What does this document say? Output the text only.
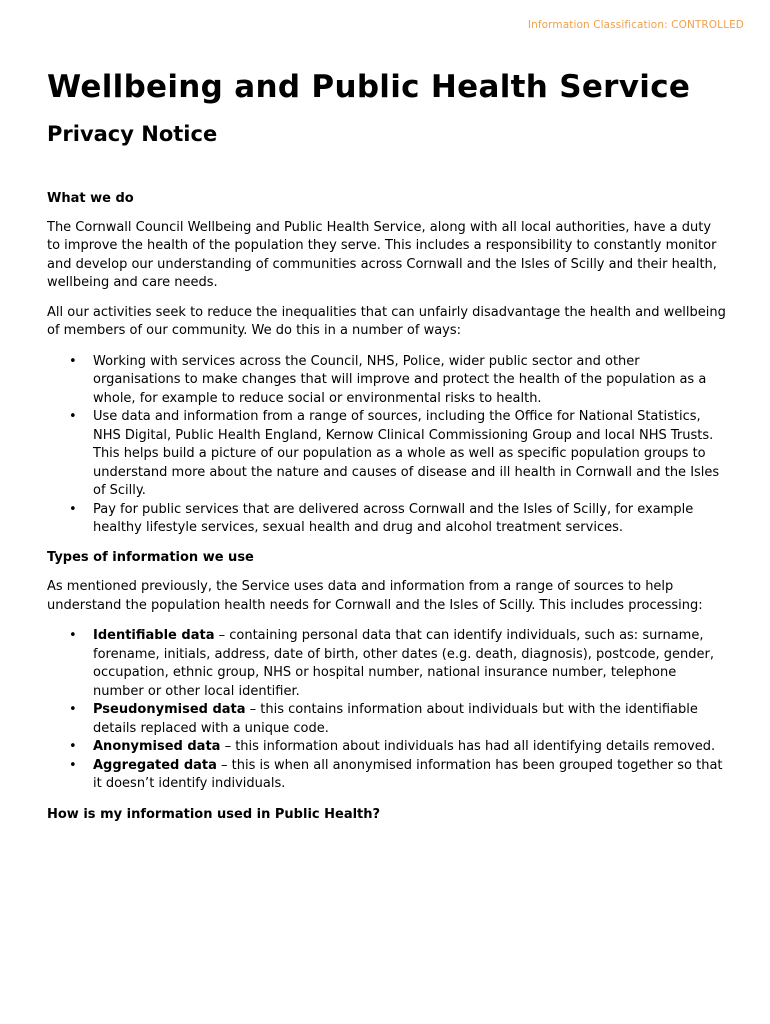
Information Classification: CONTROLLED
Wellbeing and Public Health Service
Privacy Notice
What we do

The Cornwall Council Wellbeing and Public Health Service, along with all local authorities, have a duty to improve the health of the population they serve. This includes a responsibility to constantly monitor and develop our understanding of communities across Cornwall and the Isles of Scilly and their health, wellbeing and care needs.

All our activities seek to reduce the inequalities that can unfairly disadvantage the health and wellbeing of members of our community. We do this in a number of ways:

• Working with services across the Council, NHS, Police, wider public sector and other organisations to make changes that will improve and protect the health of the population as a whole, for example to reduce social or environmental risks to health.
• Use data and information from a range of sources, including the Office for National Statistics, NHS Digital, Public Health England, Kernow Clinical Commissioning Group and local NHS Trusts. This helps build a picture of our population as a whole as well as specific population groups to understand more about the nature and causes of disease and ill health in Cornwall and the Isles of Scilly.
• Pay for public services that are delivered across Cornwall and the Isles of Scilly, for example healthy lifestyle services, sexual health and drug and alcohol treatment services.
Types of information we use

As mentioned previously, the Service uses data and information from a range of sources to help understand the population health needs for Cornwall and the Isles of Scilly. This includes processing:

• Identifiable data – containing personal data that can identify individuals, such as: surname, forename, initials, address, date of birth, other dates (e.g. death, diagnosis), postcode, gender, occupation, ethnic group, NHS or hospital number, national insurance number, telephone number or other local identifier.
• Pseudonymised data – this contains information about individuals but with the identifiable details replaced with a unique code.
• Anonymised data – this information about individuals has had all identifying details removed.
• Aggregated data – this is when all anonymised information has been grouped together so that it doesn’t identify individuals.
How is my information used in Public Health?
